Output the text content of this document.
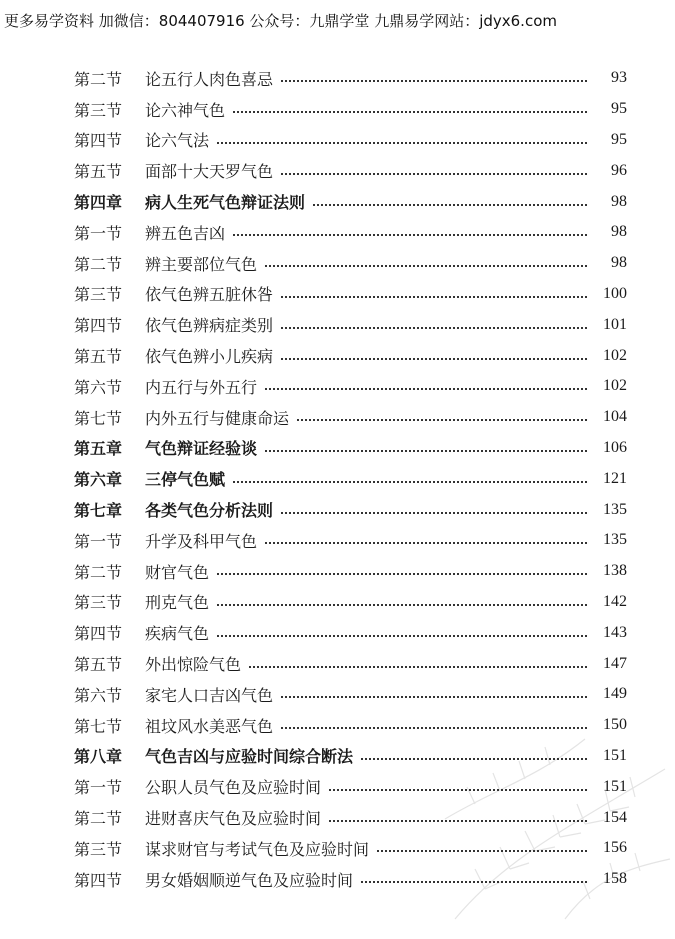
更多易学资料 加微信：804407916 公众号：九鼎学堂 九鼎易学网站：jdyx6.com
第二节	论五行人肉色喜忌	93
第三节	论六神气色	95
第四节	论六气法	95
第五节	面部十大天罗气色	96
第四章	病人生死气色辩证法则	98
第一节	辨五色吉凶	98
第二节	辨主要部位气色	98
第三节	依气色辨五脏休咎	100
第四节	依气色辨病症类别	101
第五节	依气色辨小儿疾病	102
第六节	内五行与外五行	102
第七节	内外五行与健康命运	104
第五章	气色辩证经验谈	106
第六章	三停气色赋	121
第七章	各类气色分析法则	135
第一节	升学及科甲气色	135
第二节	财官气色	138
第三节	刑克气色	142
第四节	疾病气色	143
第五节	外出惊险气色	147
第六节	家宅人口吉凶气色	149
第七节	祖坟风水美恶气色	150
第八章	气色吉凶与应验时间综合断法	151
第一节	公职人员气色及应验时间	151
第二节	进财喜庆气色及应验时间	154
第三节	谋求财官与考试气色及应验时间	156
第四节	男女婚姻顺逆气色及应验时间	158
